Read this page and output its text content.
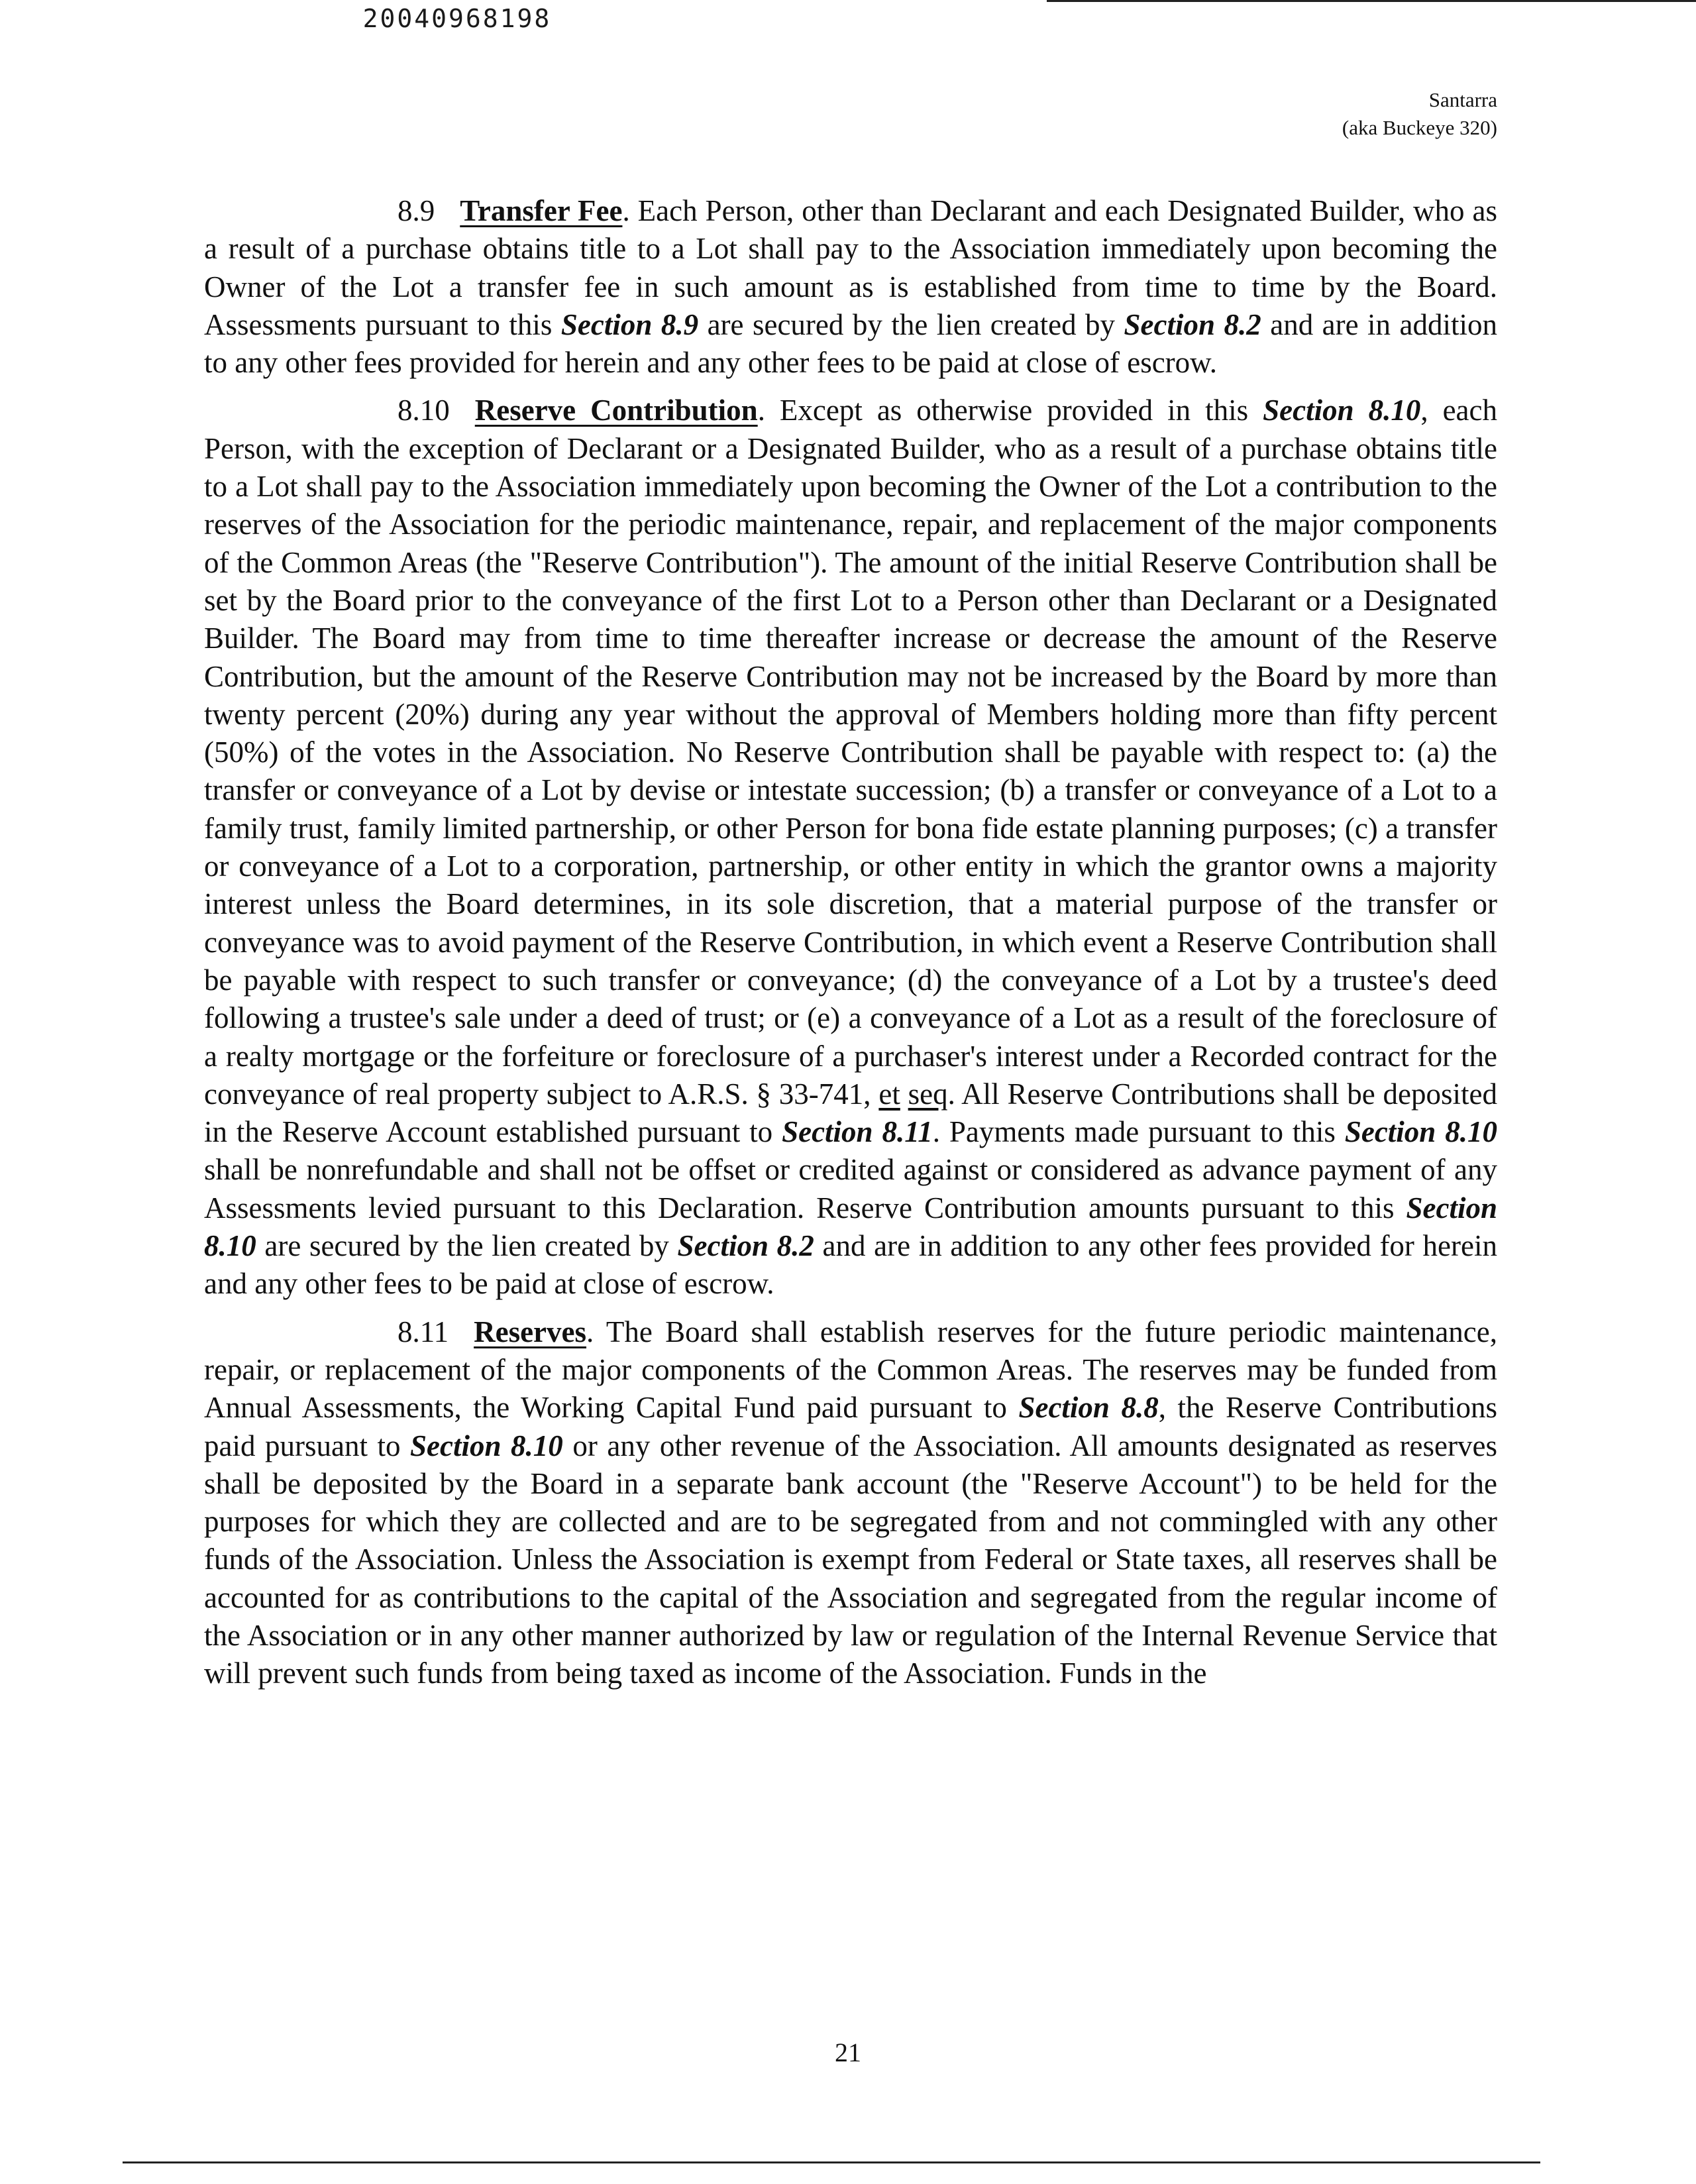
20040968198
Santarra
(aka Buckeye 320)

8.9 Transfer Fee. Each Person, other than Declarant and each Designated Builder, who as a result of a purchase obtains title to a Lot shall pay to the Association immediately upon becoming the Owner of the Lot a transfer fee in such amount as is established from time to time by the Board. Assessments pursuant to this Section 8.9 are secured by the lien created by Section 8.2 and are in addition to any other fees provided for herein and any other fees to be paid at close of escrow.

8.10 Reserve Contribution. Except as otherwise provided in this Section 8.10, each Person, with the exception of Declarant or a Designated Builder, who as a result of a purchase obtains title to a Lot shall pay to the Association immediately upon becoming the Owner of the Lot a contribution to the reserves of the Association for the periodic maintenance, repair, and replacement of the major components of the Common Areas (the "Reserve Contribution"). The amount of the initial Reserve Contribution shall be set by the Board prior to the conveyance of the first Lot to a Person other than Declarant or a Designated Builder. The Board may from time to time thereafter increase or decrease the amount of the Reserve Contribution, but the amount of the Reserve Contribution may not be increased by the Board by more than twenty percent (20%) during any year without the approval of Members holding more than fifty percent (50%) of the votes in the Association. No Reserve Contribution shall be payable with respect to: (a) the transfer or conveyance of a Lot by devise or intestate succession; (b) a transfer or conveyance of a Lot to a family trust, family limited partnership, or other Person for bona fide estate planning purposes; (c) a transfer or conveyance of a Lot to a corporation, partnership, or other entity in which the grantor owns a majority interest unless the Board determines, in its sole discretion, that a material purpose of the transfer or conveyance was to avoid payment of the Reserve Contribution, in which event a Reserve Contribution shall be payable with respect to such transfer or conveyance; (d) the conveyance of a Lot by a trustee's deed following a trustee's sale under a deed of trust; or (e) a conveyance of a Lot as a result of the foreclosure of a realty mortgage or the forfeiture or foreclosure of a purchaser's interest under a Recorded contract for the conveyance of real property subject to A.R.S. § 33-741, et seq. All Reserve Contributions shall be deposited in the Reserve Account established pursuant to Section 8.11. Payments made pursuant to this Section 8.10 shall be nonrefundable and shall not be offset or credited against or considered as advance payment of any Assessments levied pursuant to this Declaration. Reserve Contribution amounts pursuant to this Section 8.10 are secured by the lien created by Section 8.2 and are in addition to any other fees provided for herein and any other fees to be paid at close of escrow.

8.11 Reserves. The Board shall establish reserves for the future periodic maintenance, repair, or replacement of the major components of the Common Areas. The reserves may be funded from Annual Assessments, the Working Capital Fund paid pursuant to Section 8.8, the Reserve Contributions paid pursuant to Section 8.10 or any other revenue of the Association. All amounts designated as reserves shall be deposited by the Board in a separate bank account (the "Reserve Account") to be held for the purposes for which they are collected and are to be segregated from and not commingled with any other funds of the Association. Unless the Association is exempt from Federal or State taxes, all reserves shall be accounted for as contributions to the capital of the Association and segregated from the regular income of the Association or in any other manner authorized by law or regulation of the Internal Revenue Service that will prevent such funds from being taxed as income of the Association. Funds in the

21
